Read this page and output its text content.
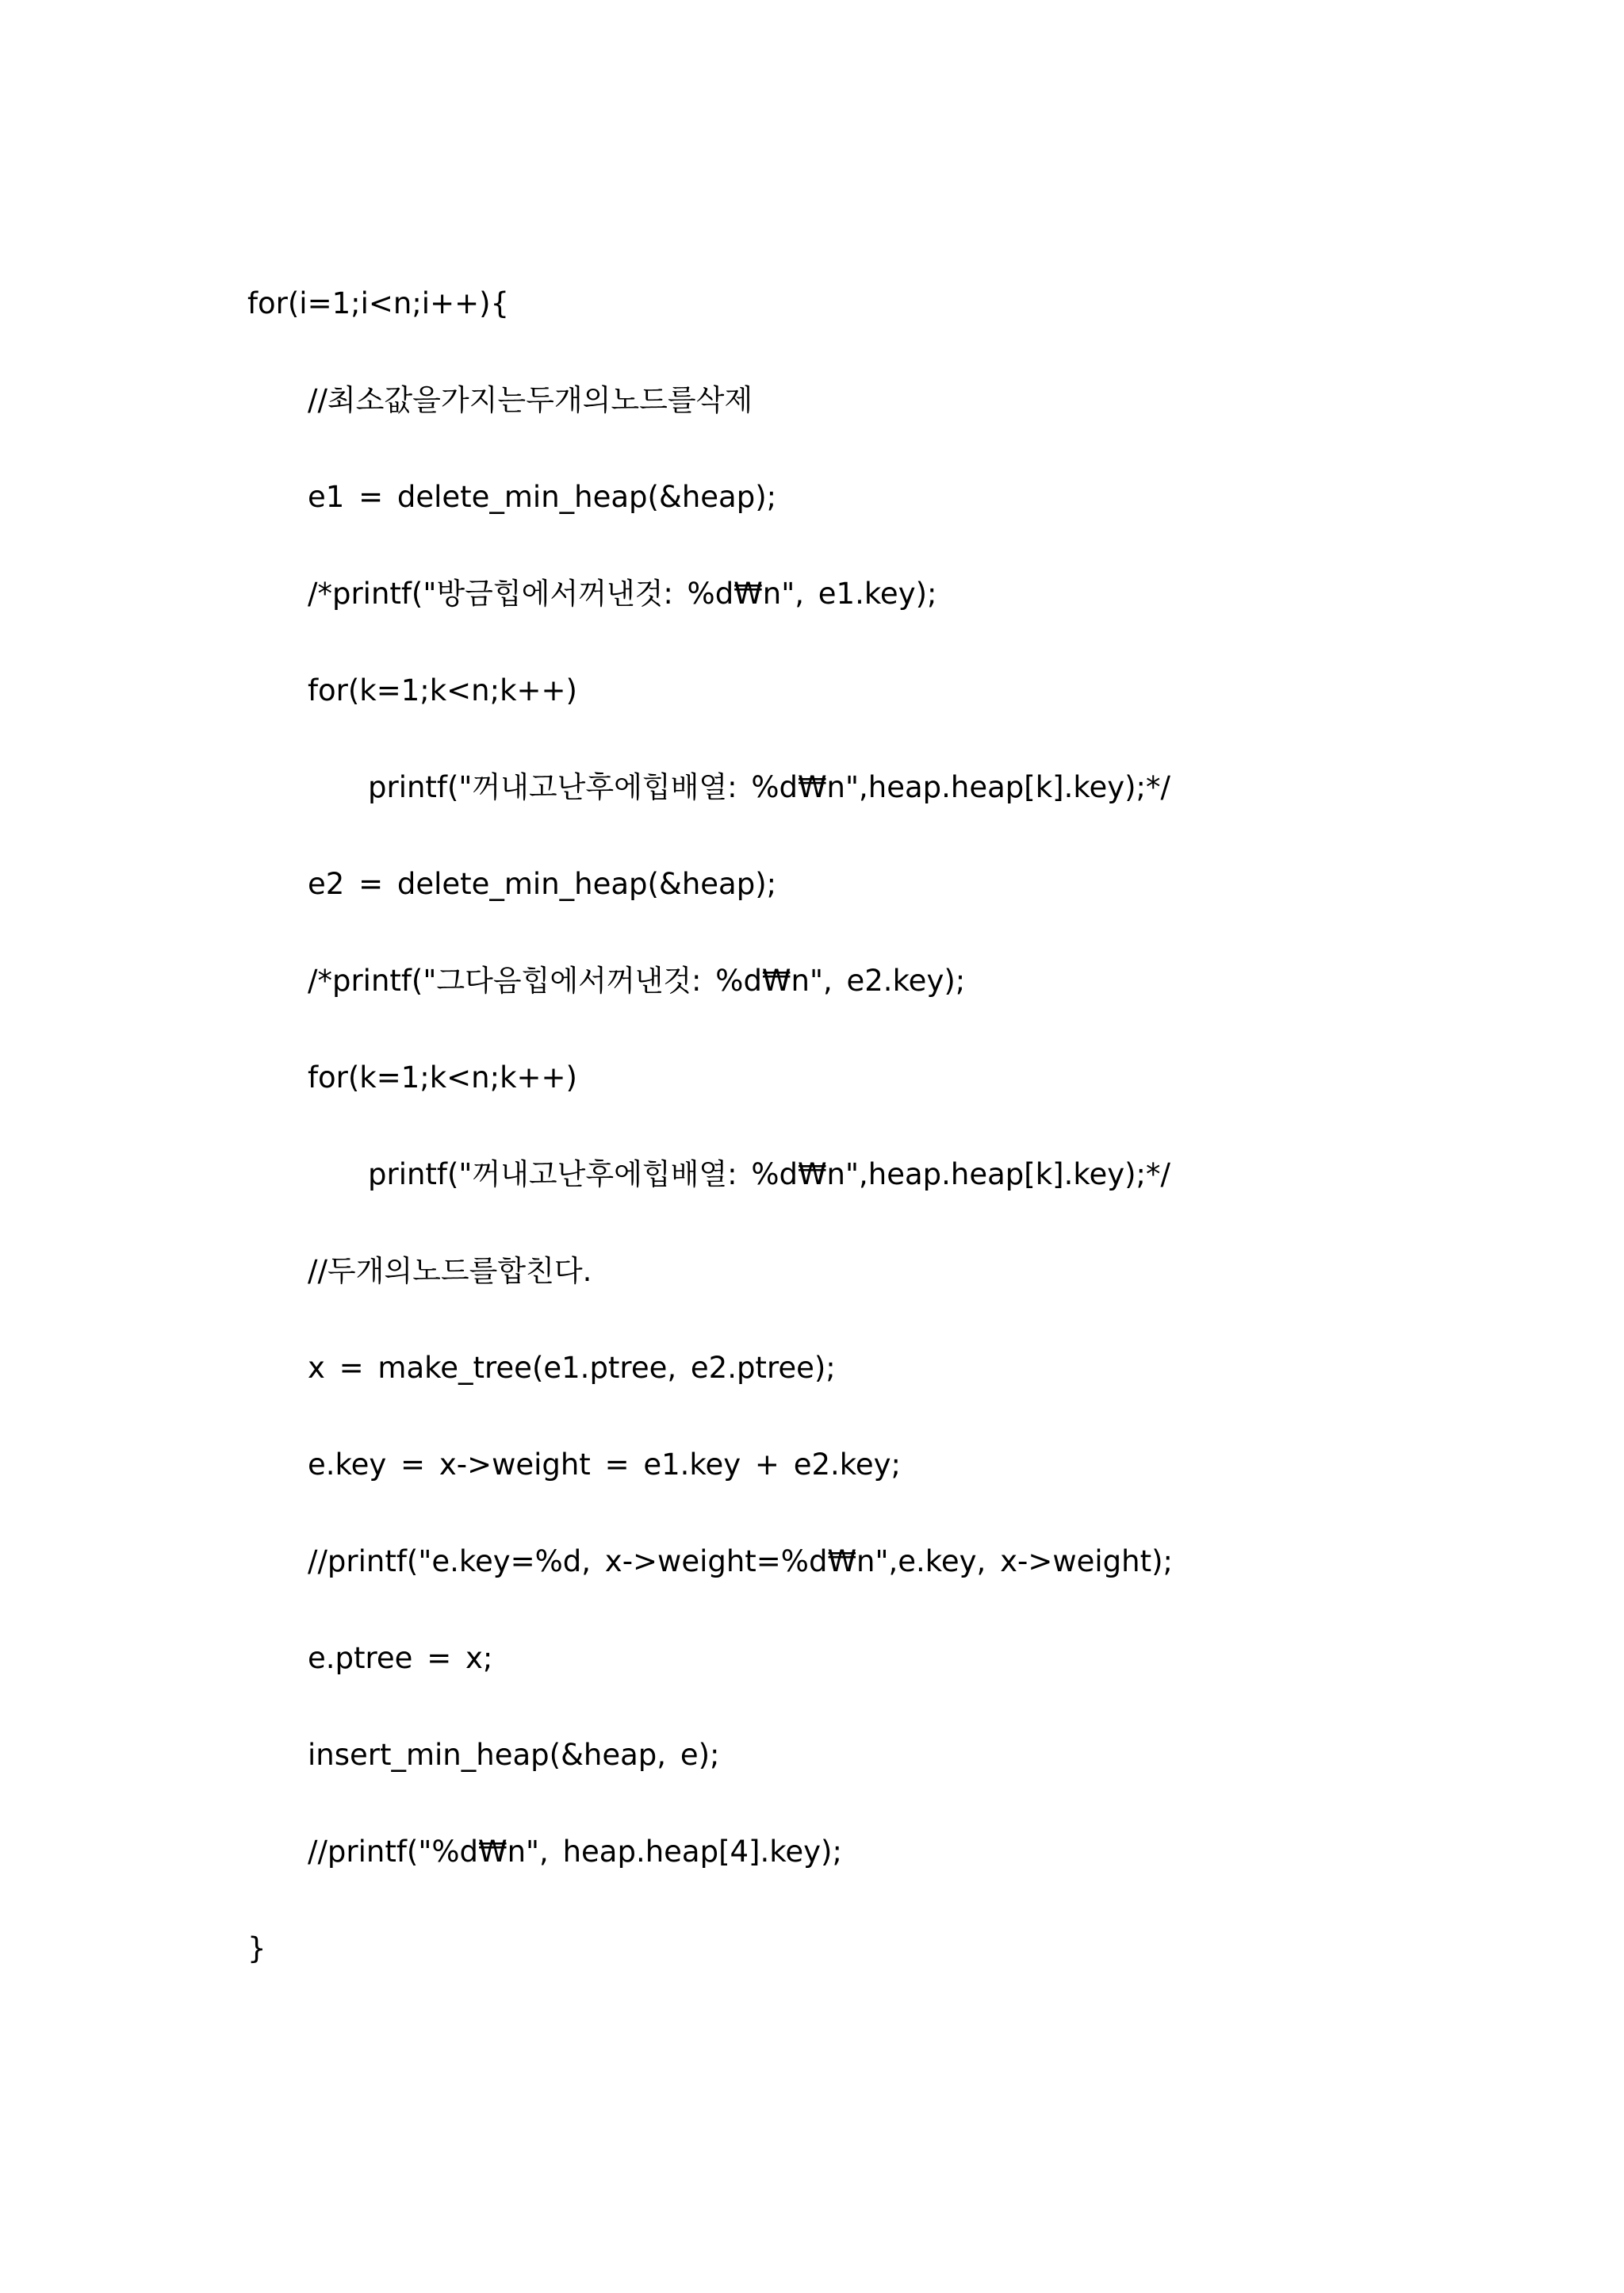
for(i=1;i<n;i++){
//최소값을가지는두개의노드를삭제
e1 = delete_min_heap(&heap);
/*printf("방금힙에서꺼낸것: %d₩n", e1.key);
for(k=1;k<n;k++)
printf("꺼내고난후에힙배열: %d₩n",heap.heap[k].key);*/
e2 = delete_min_heap(&heap);
/*printf("그다음힙에서꺼낸것: %d₩n", e2.key);
for(k=1;k<n;k++)
printf("꺼내고난후에힙배열: %d₩n",heap.heap[k].key);*/
//두개의노드를합친다.
x = make_tree(e1.ptree, e2.ptree);
e.key = x->weight = e1.key + e2.key;
//printf("e.key=%d, x->weight=%d₩n",e.key, x->weight);
e.ptree = x;
insert_min_heap(&heap, e);
//printf("%d₩n", heap.heap[4].key);
}
